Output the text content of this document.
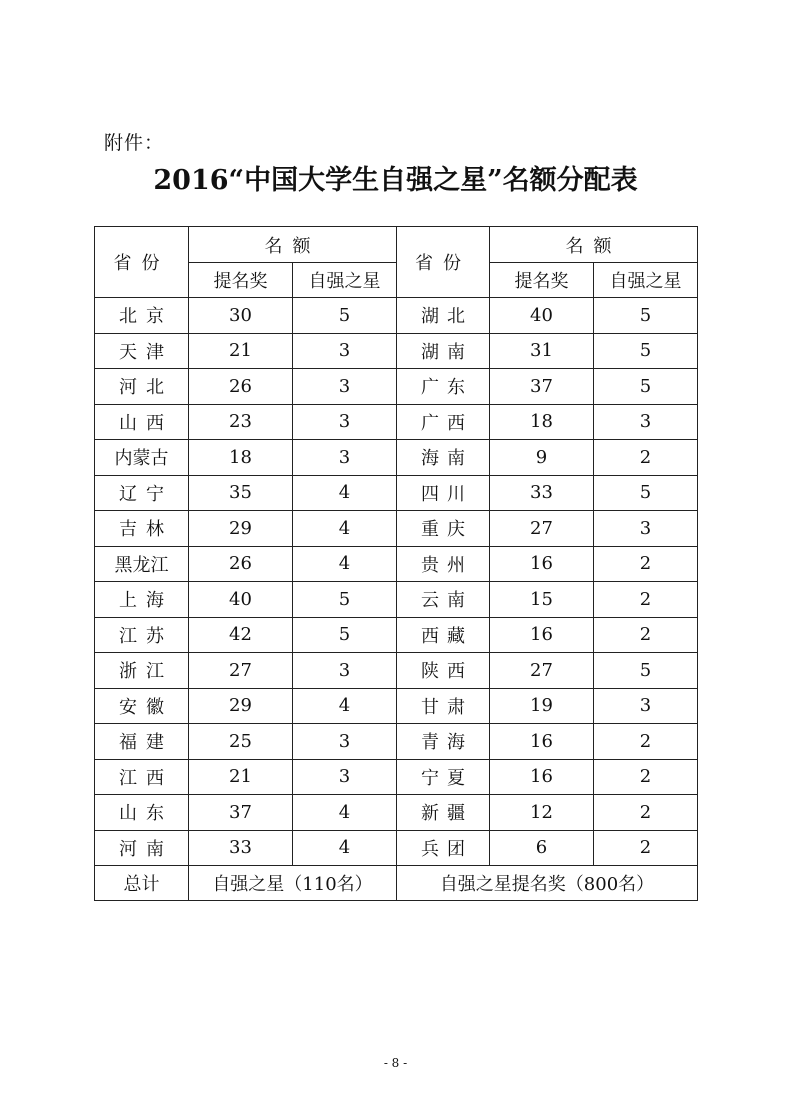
附件：
2016“中国大学生自强之星”名额分配表
省份	名额		省份	名额	
	提名奖	自强之星		提名奖	自强之星

北 京	30	5	湖 北	40	5

天 津	21	3	湖 南	31	5

河 北	26	3	广 东	37	5

山 西	23	3	广 西	18	3

内蒙古	18	3	海 南	9	2

辽 宁	35	4	四 川	33	5

吉 林	29	4	重 庆	27	3

黑龙江	26	4	贵 州	16	2

上 海	40	5	云 南	15	2

江 苏	42	5	西 藏	16	2

浙 江	27	3	陕 西	27	5

安 徽	29	4	甘 肃	19	3

福 建	25	3	青 海	16	2

江 西	21	3	宁 夏	16	2

山 东	37	4	新 疆	12	2

河 南	33	4	兵 团	6	2
总计	自强之星（110名）		自强之星提名奖（800名）		
- 8 -
